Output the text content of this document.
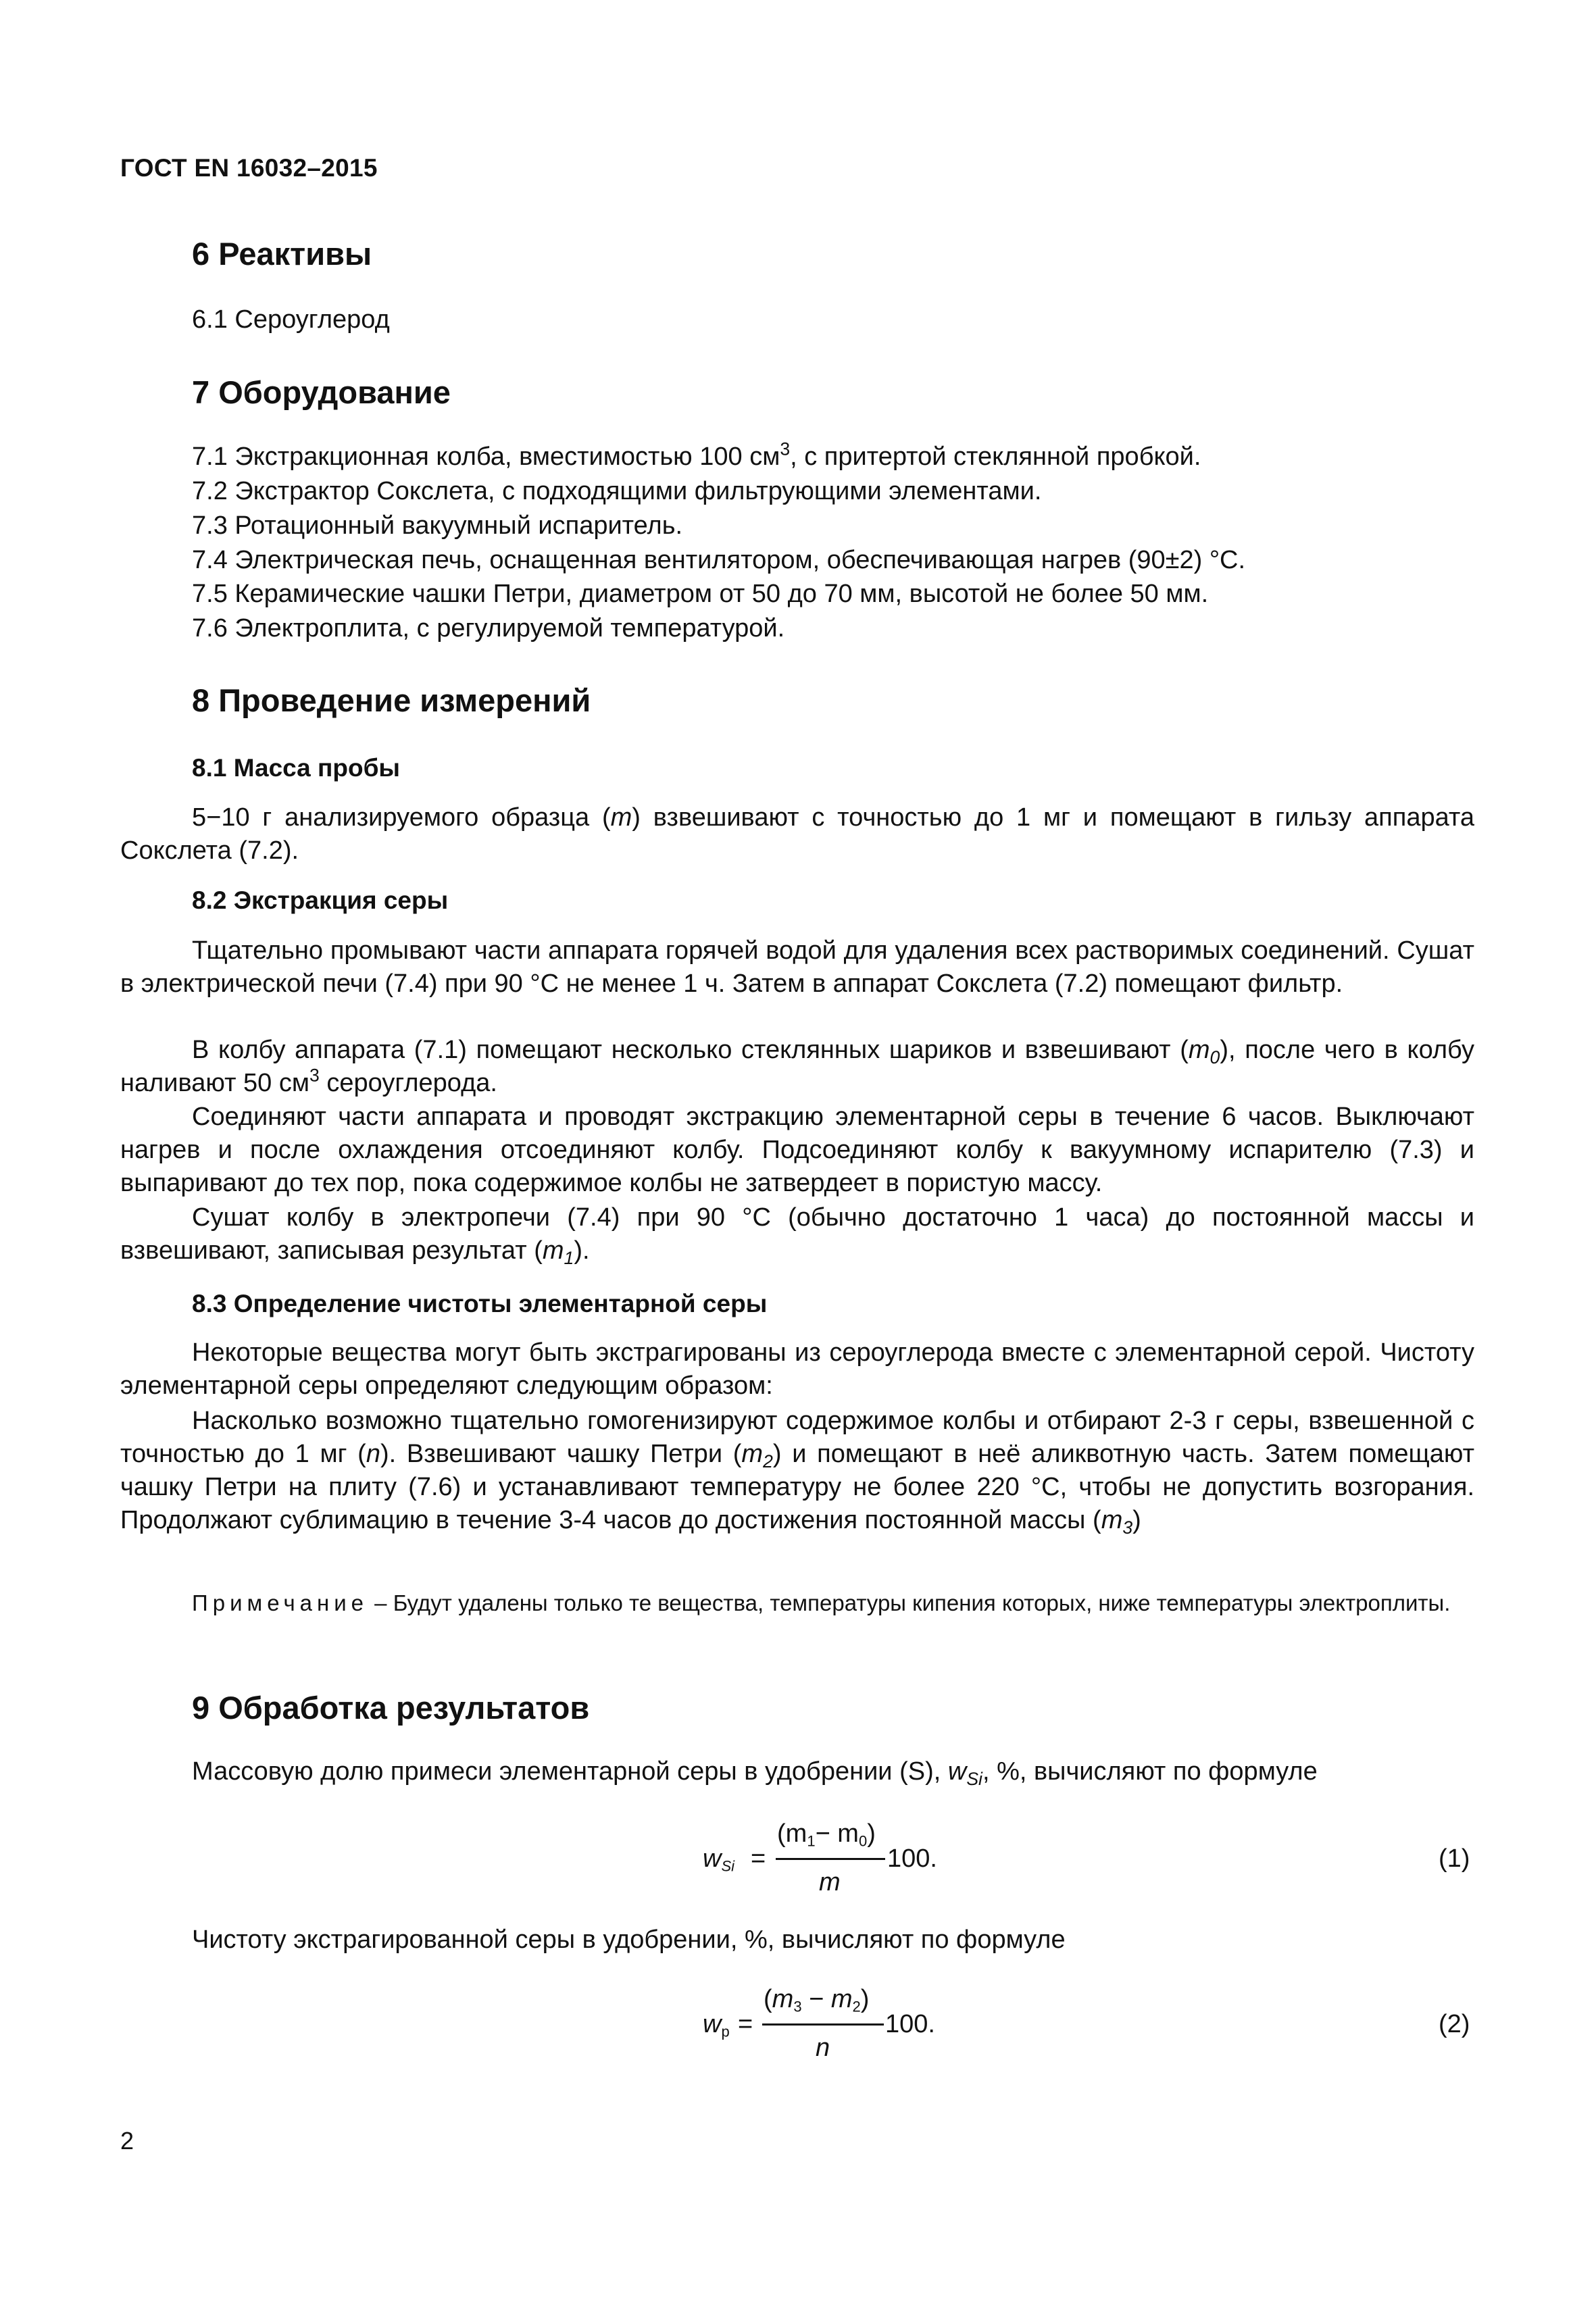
ГОСТ EN 16032–2015
6 Реактивы
6.1 Сероуглерод
7 Оборудование
7.1 Экстракционная колба, вместимостью 100 $см^3$, с притертой стеклянной пробкой.
7.2 Экстрактор Сокслета, с подходящими фильтрующими элементами.
7.3 Ротационный вакуумный испаритель.
7.4 Электрическая печь, оснащенная вентилятором, обеспечивающая нагрев (90±2) °С.
7.5 Керамические чашки Петри, диаметром от 50 до 70 мм, высотой не более 50 мм.
7.6 Электроплита, с регулируемой температурой.
8 Проведение измерений
8.1 Масса пробы
5−10 г анализируемого образца (m) взвешивают с точностью до 1 мг и помещают в гильзу аппарата Сокслета (7.2).
8.2 Экстракция серы
Тщательно промывают части аппарата горячей водой для удаления всех растворимых соединений. Сушат в электрической печи (7.4) при 90 °С не менее 1 ч. Затем в аппарат Сокслета (7.2) помещают фильтр.
В колбу аппарата (7.1) помещают несколько стеклянных шариков и взвешивают $(m_0)$, после чего в колбу наливают 50 $см^3$ сероуглерода.
Соединяют части аппарата и проводят экстракцию элементарной серы в течение 6 часов. Выключают нагрев и после охлаждения отсоединяют колбу. Подсоединяют колбу к вакуумному испарителю (7.3) и выпаривают до тех пор, пока содержимое колбы не затвердеет в пористую массу.
Сушат колбу в электропечи (7.4) при 90 °С (обычно достаточно 1 часа) до постоянной массы и взвешивают, записывая результат $(m_1)$.
8.3 Определение чистоты элементарной серы
Некоторые вещества могут быть экстрагированы из сероуглерода вместе с элементарной серой. Чистоту элементарной серы определяют следующим образом:
Насколько возможно тщательно гомогенизируют содержимое колбы и отбирают 2-3 г серы, взвешенной с точностью до 1 мг (n). Взвешивают чашку Петри $(m_2)$ и помещают в неё аликвотную часть. Затем помещают чашку Петри на плиту (7.6) и устанавливают температуру не более 220 °С, чтобы не допустить возгорания. Продолжают сублимацию в течение 3-4 часов до достижения постоянной массы $(m_3)$
Примечание – Будут удалены только те вещества, температуры кипения которых, ниже температуры электроплиты.
9 Обработка результатов
Массовую долю примеси элементарной серы в удобрении (S), $w_{Si}$, %, вычисляют по формуле
$w_{Si}$ =
$(m_1- m_0)$
m
100.	(1)
Чистоту экстрагированной серы в удобрении, %, вычисляют по формуле
$w_p$ =
$(m_3 - m_2)$
n
100.	(2)
2
